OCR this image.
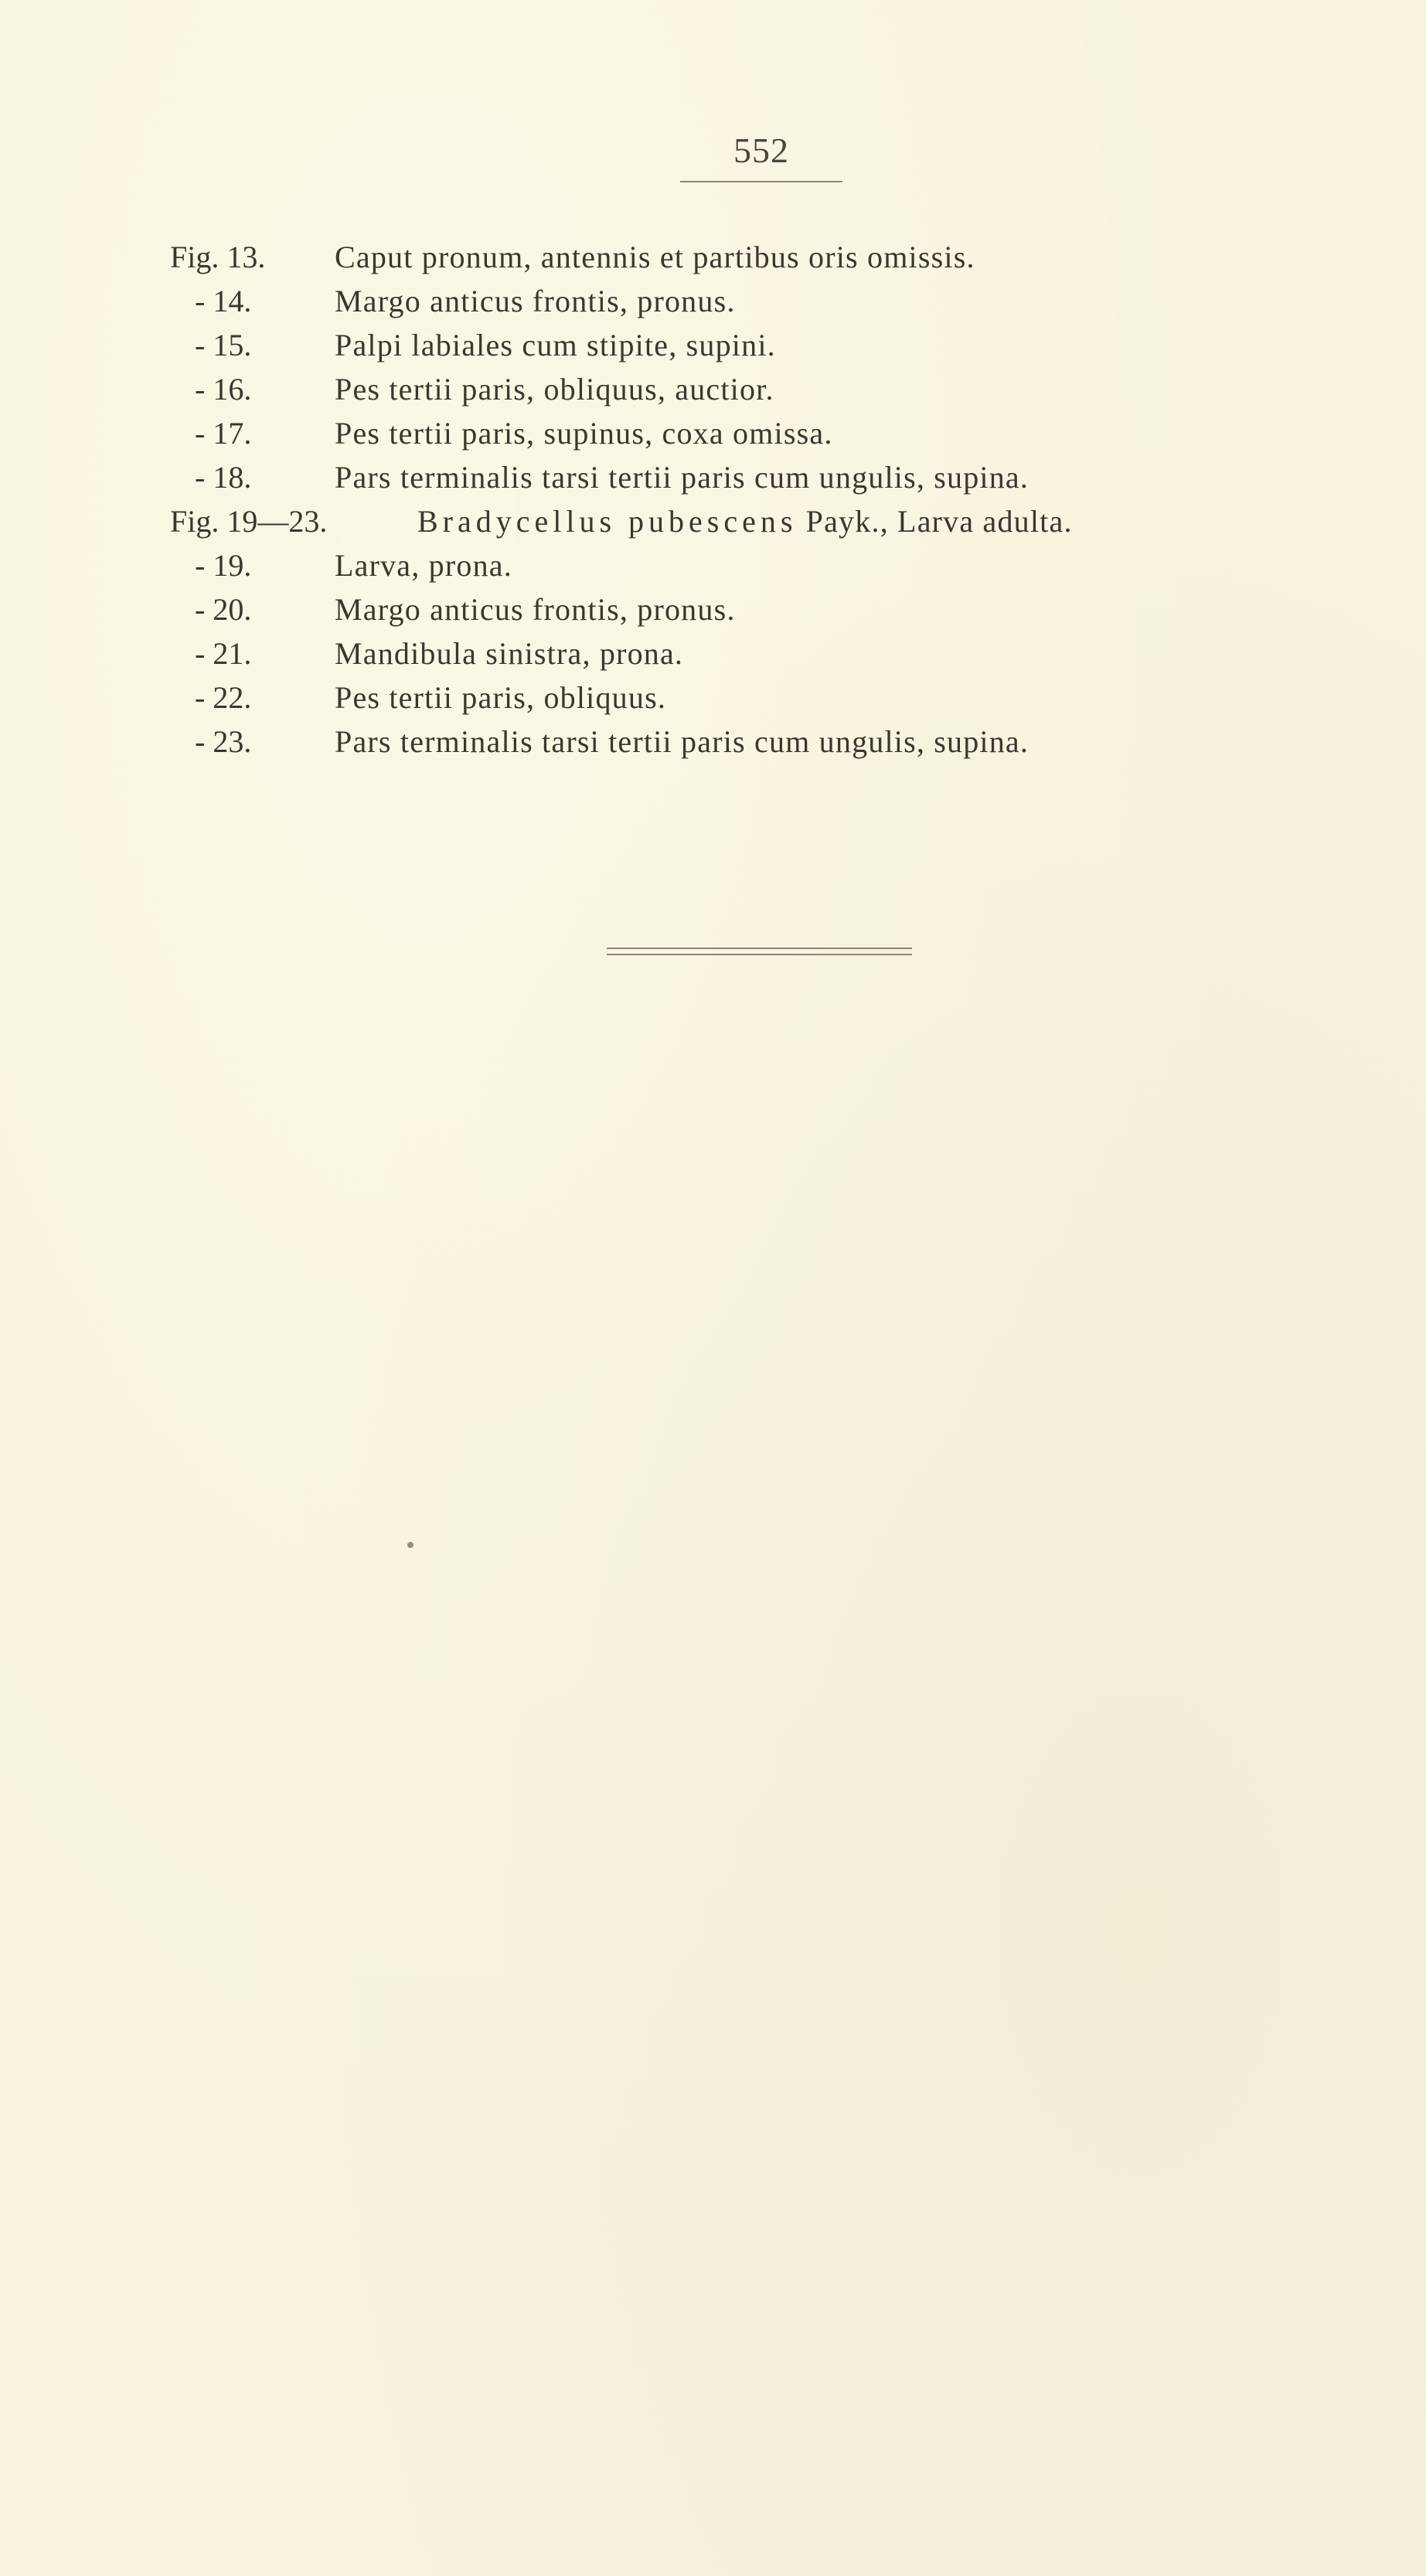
552
Fig. 13. Caput pronum, antennis et partibus oris omissis.
- 14.	Margo anticus frontis, pronus.
- 15.	Palpi labiales cum stipite, supini.
- 16.	Pes tertii paris, obliquus, auctior.
- 17.	Pes tertii paris, supinus, coxa omissa.
- 18.	Pars terminalis tarsi tertii paris cum ungulis, supina.
Fig. 19—23.	Bradycellus pubescens Payk., Larva adulta.
- 19.	Larva, prona.
- 20.	Margo anticus frontis, pronus.
- 21.	Mandibula sinistra, prona.
- 22.	Pes tertii paris, obliquus.
- 23.	Pars terminalis tarsi tertii paris cum ungulis, supina.
